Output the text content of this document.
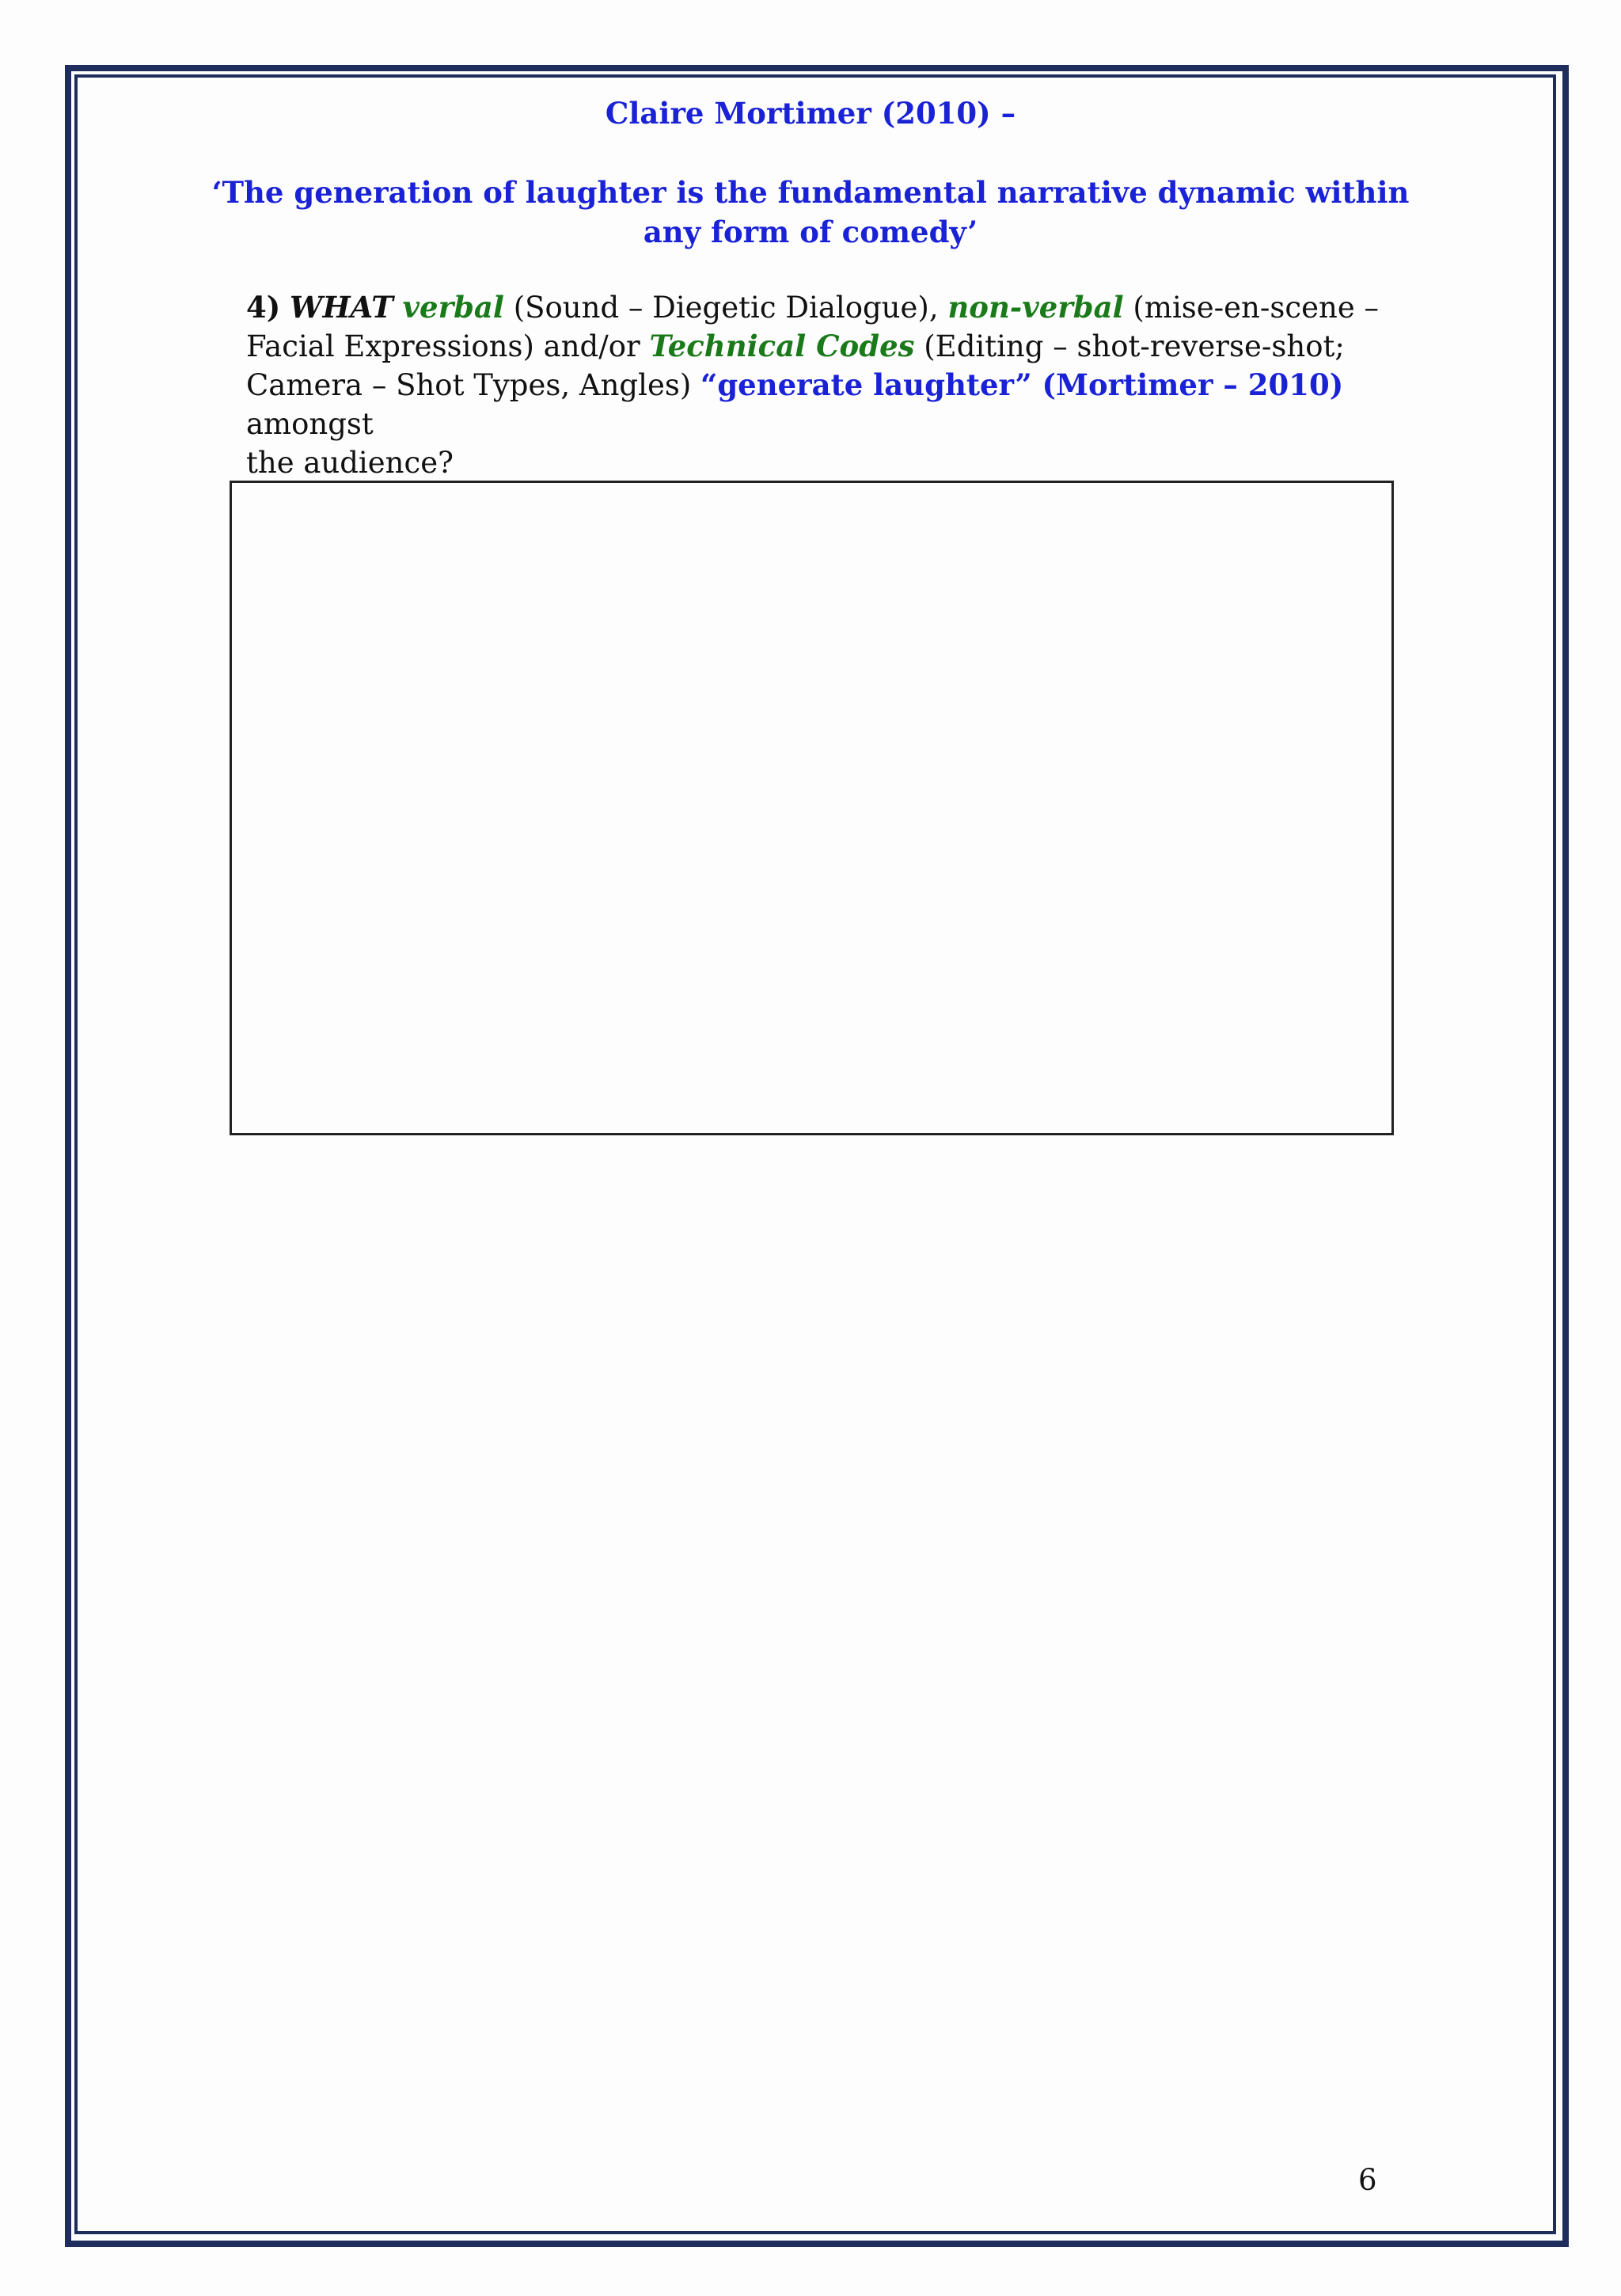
Claire Mortimer (2010) –

‘The generation of laughter is the fundamental narrative dynamic within
any form of comedy’

4) WHAT verbal (Sound – Diegetic Dialogue), non-verbal (mise-en-scene –
Facial Expressions) and/or Technical Codes (Editing – shot-reverse-shot;
Camera – Shot Types, Angles) “generate laughter” (Mortimer – 2010) amongst
the audience?

6
